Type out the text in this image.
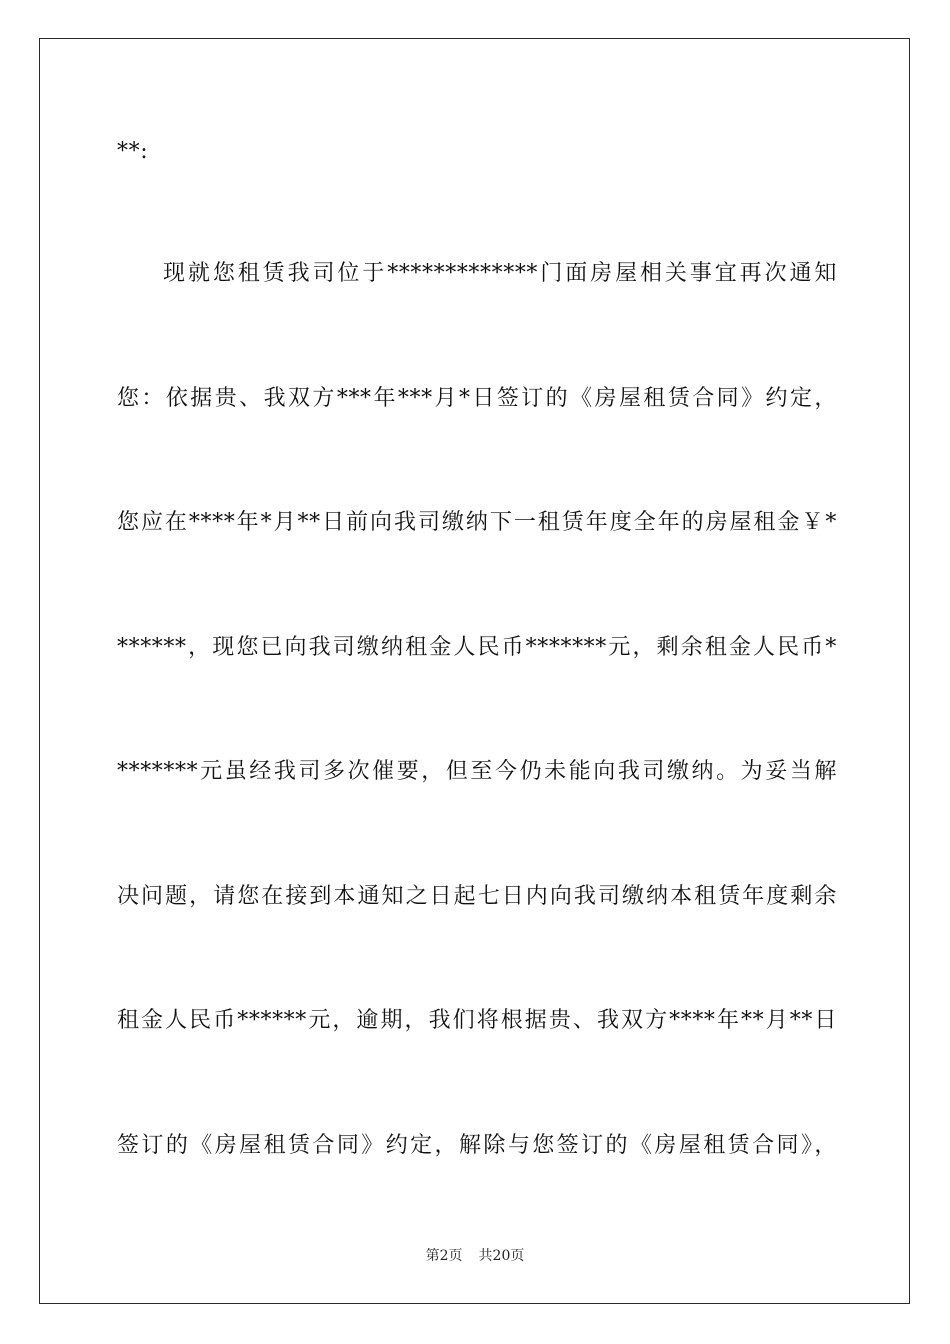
**:
现就您租赁我司位于*************门面房屋相关事宜再次通知
您：依据贵、我双方***年***月*日签订的《房屋租赁合同》约定，
您应在****年*月**日前向我司缴纳下一租赁年度全年的房屋租金￥*
******，现您已向我司缴纳租金人民币*******元，剩余租金人民币*
*******元虽经我司多次催要，但至今仍未能向我司缴纳。为妥当解
决问题，请您在接到本通知之日起七日内向我司缴纳本租赁年度剩余
租金人民币******元，逾期，我们将根据贵、我双方****年**月**日
签订的《房屋租赁合同》约定，解除与您签订的《房屋租赁合同》，
第2页 共20页
